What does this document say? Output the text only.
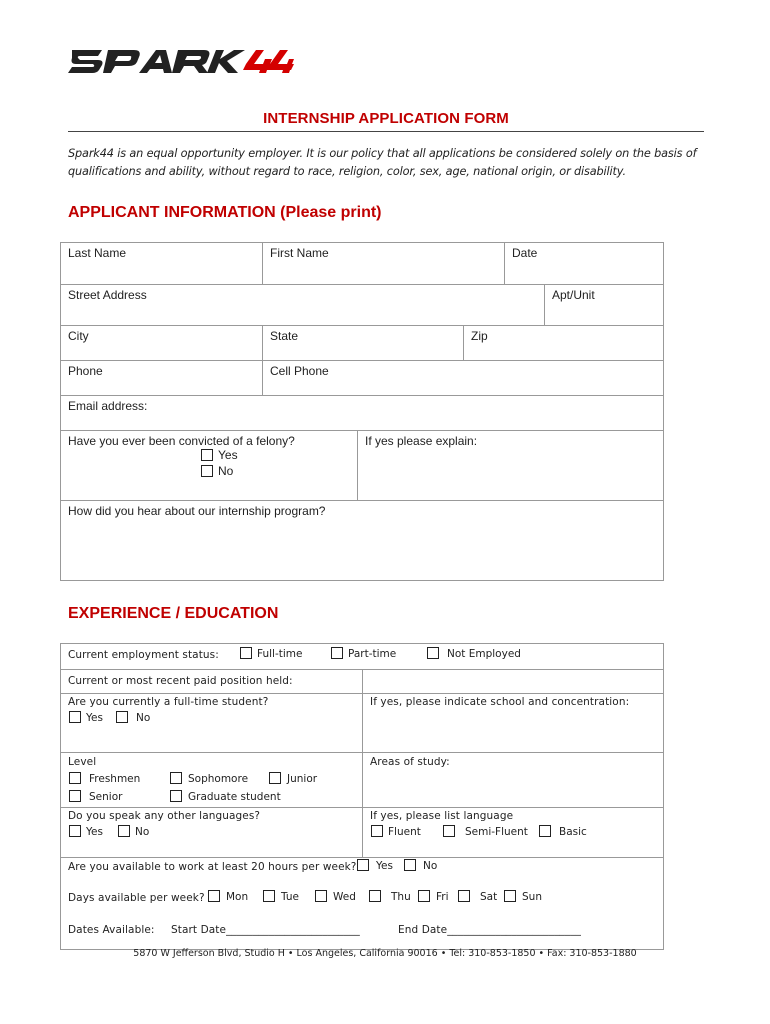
INTERNSHIP APPLICATION FORM
Spark44 is an equal opportunity employer. It is our policy that all applications be considered solely on the basis of qualifications and ability, without regard to race, religion, color, sex, age, national origin, or disability.
APPLICANT INFORMATION (Please print)
Last Name	First Name	Date
Street Address	Apt/Unit
City	State	Zip
Phone	Cell Phone
Email address:
Have you ever been convicted of a felony?
Yes
No
If yes please explain:
How did you hear about our internship program?
EXPERIENCE / EDUCATION
Current employment status:	Full-time	Part-time	Not Employed
Current or most recent paid position held:
Are you currently a full-time student?
Yes	No
If yes, please indicate school and concentration:
Level
Freshmen	Sophomore	Junior
Senior	Graduate student
Areas of study:
Do you speak any other languages?
Yes	No
If yes, please list language
Fluent	Semi-Fluent	Basic
Are you available to work at least 20 hours per week?	Yes	No
Days available per week?	Mon	Tue	Wed	Thu	Fri	Sat	Sun
Dates Available: Start Date_________________________	End Date_________________________
5870 W Jefferson Blvd, Studio H • Los Angeles, California 90016 • Tel: 310-853-1850 • Fax: 310-853-1880
